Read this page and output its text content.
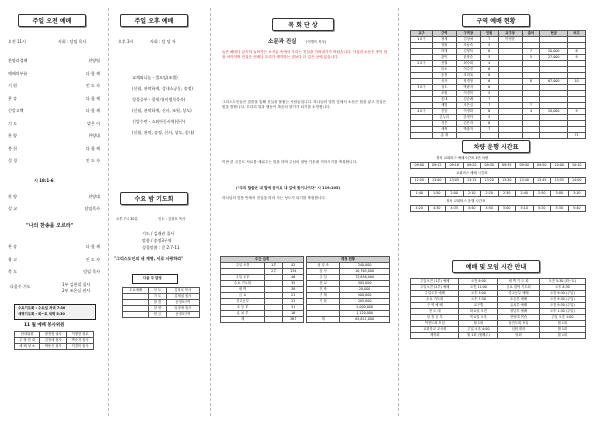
주일 오전 예배
오전 11시	사회 : 담임 목사
찬양과경배	찬양팀
예배의부름	다 함 께
기 원	인 도 자
찬 송	다 함 께
신앙고백	다 함 께
기 도	맡은 이
찬 양	찬양대
봉 헌	다 함 께
성 경	인 도 자
시 18:1-6
찬 양	찬양대
설 교	담임목사
"나의 찬송을 오르라"
찬 송	다 함 께
광 고	인 도 자
축 도	담임 목사
다음주 기도	1부 김현철 집사
2부 조은실 권사
수요기도회 : 수요일 저녁 7:30
새벽기도회 : 화~토 새벽 5:30
11 월 예배 봉사위원
안내위원	장경현 권사	이영한 장로
주 방 안 내	김정애 집사	박순자 집사
예 배 청 소	박용식 집사	이경미 집사
주일 오후 예배
오후 3시	사회 : 담 당 자
교제와나눔 - 셀모임(조별)
(신월, 관악하계, 성내소공동, 송정)
성경공부 - 창세기(이병묵목사)
(신월, 관악하계, 신사, 조원, 상도)
신앙수련 - 소외아동사역(한주)
(신월, 관악, 송정, 신사, 상도, 송내)
수요 밤 기도회
오후 7시 30분	인도 : 김창호 목사
기도 / 김재권 집사
말씀 / 송정3구역
성경말씀 : 갈 2:7-11
"그리스도인의 새 계명, 서로 사랑하라"
다음 주 담당
수요예배	인 도	김창호 목사
	기 도	김재권 집사
	말 씀	송정3구역
	찬 양	임정애 집사
	헌 금	송정3구역
목 회 단 상
소문과 진실	(이병묵 목사)
늘은 해마다 급속히 늘어가는 소식들 속에서 우리는 진실을 가려내기가 어렵습니다. 사실과 소문은 종이 한 장 차이이며 진실은 언제나 우리가 생각하는 것보다 더 깊은 곳에 있습니다.
그리스도인들은 말씀을 통해 진실을 붙잡는 사람들입니다. 하나님의 말씀 앞에서 소문은 힘을 잃고 진실은 빛을 발합니다. 우리의 말과 행동이 복음의 향기가 되기를 소망합니다.
이번 한 주간도 서로를 세워주는 말을 하며 주님의 평안 가운데 거하시기를 축복합니다.
("주의 말씀은 내 발에 등이요 내 길에 빛이니이다" 시 119:105)
하나님의 말씀 안에서 진실을 따라 사는 성도가 되기를 축원합니다.
주간 집계		
주일 오전	1부	42
	2부	134
주일 오후		46
수요 기도회		35
새 벽		38
금 요		21
중고등부		22
초 등 부		31
유 치 부		16
계		387
재정 현황	
십 일 조	240,000
감 사	10,765,000
주 일	72,858,000
선 교	505,000
건 축	20,000
구 제	500,000
기 타	205,000
	2,000,000
	1,120,000
계	63,811,000
구역 예배 현황
교구	구역	구역장	인원	교구장	출석	헌금	비고
1교구	청계	김정애	7	이영한			
	정원	조동숙	5				
	하계	김영미	6		7	20,000	8
	관악	윤봉순	5		5	27,000	9
2교구	신월	최숙희	4				
	미소	이수진	6				
	송정	조미옥	8				
	신사	장경현	6		8	67,000	10
3교구	상도	박광자	6				
	조원	이경미	5				
	송내	김순례	7				
	새빛	조은실	7		7		
4교구	중앙	이정화	6		4	20,000	9
	온누리	송정아	5				
	작은	김은자	6				
	새싹	박춘자	7				
	총 계						71
차량 운행 시간표
정차 교회버스 예배시간표 1번 차량
09:00	09:12	09:18	09:20	09:30	09:35	09:40	09:50	10:00	10:10
교회버스 예배 시간표
12:50	13:00	13:05	13:15	13:20	13:30	13:40	13:45	13:55	14:00
1:40	1:50	2:00	2:10	2:20	2:30	2:40	2:50	3:00	3:10
정차 교회버스 운행 시간표
4:20	4:30	4:35	4:40	4:50	5:00	5:10	5:20	5:30	5:40
예배 및 모임 시간 안내
주일오전 (1부) 예배	오전 9:00	새 벽 기 도 회	오전 5:30 (화~토)
주일오전 (2부) 예배	오전 11:00	금요 철야 기도회	오후 8:30
주일오후 예배	오후 3:00	중고등부 예배	오전 9:30 (주일)
수요 기도회	오후 7:30	초등부 예배	오전 9:30 (주일)
구 역 예 배	교구별	유치부 예배	오전 9:30 (주일)
전 도 대	화요일 오전	청년부 예배	오후 1:30 (주일)
성 경 공 부	목요일 오후	찬양대 연습	주일 오후 1:00
여전도회 모임	월 1회	남전도회 모임	월 1회
교회학교 교사회	주일 오후 4:00	임원 회의	월 1회
제직회	월 1회 (셋째주)	당회	월 1회
